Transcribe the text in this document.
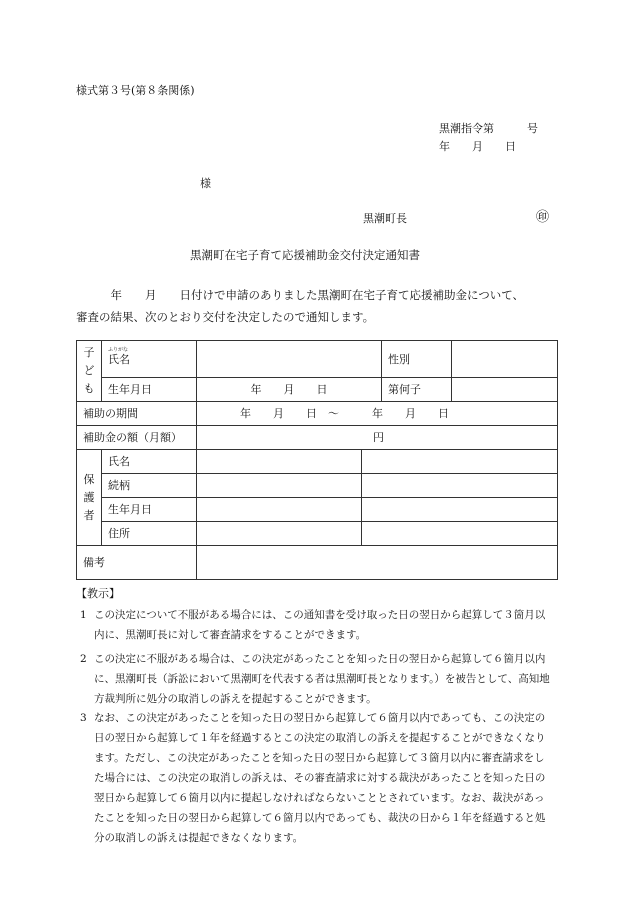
様式第３号(第８条関係)
黒潮指令第　　　号
年　　月　　日
様
黒潮町長	㊞
黒潮町在宅子育て応援補助金交付決定通知書
　　　年　　月　　日付けで申請のありました黒潮町在宅子育て応援補助金について、
審査の結果、次のとおり交付を決定したので通知します。
ふりがな
子
ど
も	氏名			性別	
	生年月日	年　　月　　日		第何子	
補助の期間		年　　月　　日　～　　　年　　月　　日			
補助金の額（月額）		円			

保
護
者	氏名				
	続柄				
	生年月日				
	住所				
備考					
【教示】
1 この決定について不服がある場合には、この通知書を受け取った日の翌日から起算して３箇月以内に、黒潮町長に対して審査請求をすることができます。
2 この決定に不服がある場合は、この決定があったことを知った日の翌日から起算して６箇月以内に、黒潮町長（訴訟において黒潮町を代表する者は黒潮町長となります。）を被告として、高知地方裁判所に処分の取消しの訴えを提起することができます。
3 なお、この決定があったことを知った日の翌日から起算して６箇月以内であっても、この決定の日の翌日から起算して１年を経過するとこの決定の取消しの訴えを提起することができなくなります。ただし、この決定があったことを知った日の翌日から起算して３箇月以内に審査請求をした場合には、この決定の取消しの訴えは、その審査請求に対する裁決があったことを知った日の翌日から起算して６箇月以内に提起しなければならないこととされています。なお、裁決があったことを知った日の翌日から起算して６箇月以内であっても、裁決の日から１年を経過すると処分の取消しの訴えは提起できなくなります。
